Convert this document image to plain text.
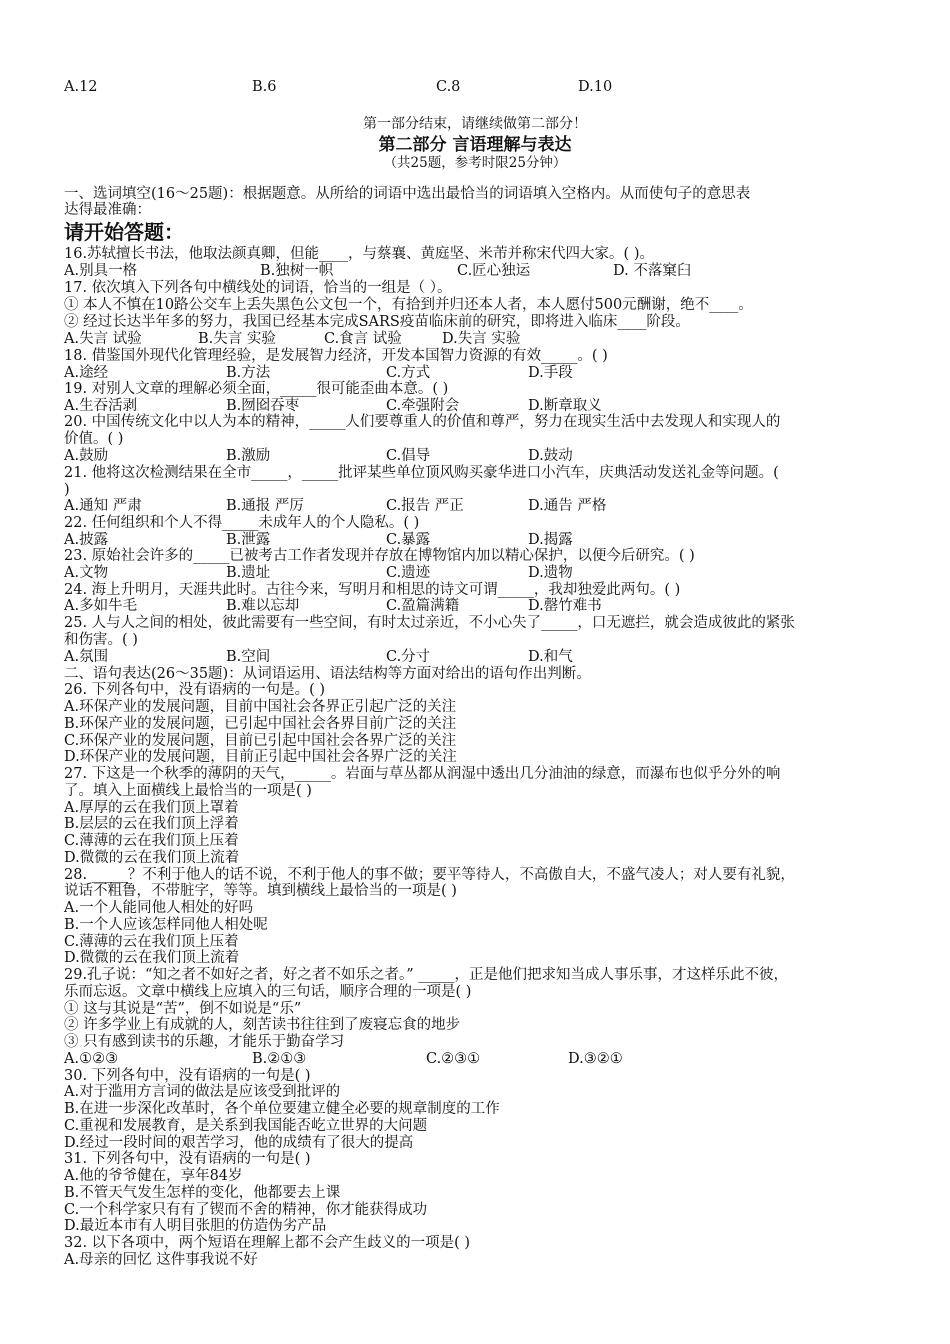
A.12	B.6	C.8	D.10
第一部分结束，请继续做第二部分！
第二部分 言语理解与表达
（共25题，参考时限25分钟）
一、选词填空(16～25题)：根据题意。从所给的词语中选出最恰当的词语填入空格内。从而使句子的意思表
达得最准确：
请开始答题：
16.苏轼擅长书法，他取法颜真卿，但能____，与蔡襄、黄庭坚、米芾并称宋代四大家。( )。
A.别具一格	B.独树一帜	C.匠心独运	D. 不落窠臼
17. 依次填入下列各句中横线处的词语，恰当的一组是（ ）。
① 本人不慎在10路公交车上丢失黑色公文包一个，有拾到并归还本人者，本人愿付500元酬谢，绝不____。
② 经过长达半年多的努力，我国已经基本完成SARS疫苗临床前的研究，即将进入临床____阶段。
A.失言 试验	B.失言 实验	C.食言 试验	D.失言 实验
18. 借鉴国外现代化管理经验，是发展智力经济，开发本国智力资源的有效_____。( )
A.途经	B.方法	C.方式	D.手段
19. 对别人文章的理解必须全面，_____很可能歪曲本意。( )
A.生吞活剥	B.囫囵吞枣	C.牵强附会	D.断章取义
20. 中国传统文化中以人为本的精神，_____人们要尊重人的价值和尊严，努力在现实生活中去发现人和实现人的
价值。( )
A.鼓励	B.激励	C.倡导	D.鼓动
21. 他将这次检测结果在全市_____，_____批评某些单位顶风购买豪华进口小汽车，庆典活动发送礼金等问题。(
)
A.通知 严肃	B.通报 严厉	C.报告 严正	D.通告 严格
22. 任何组织和个人不得_____未成年人的个人隐私。( )
A.披露	B.泄露	C.暴露	D.揭露
23. 原始社会许多的_____已被考古工作者发现并存放在博物馆内加以精心保护，以便今后研究。( )
A.文物	B.遗址	C.遗迹	D.遗物
24. 海上升明月，天涯共此时。古往今来，写明月和相思的诗文可谓_____，我却独爱此两句。( )
A.多如牛毛	B.难以忘却	C.盈篇满籍	D.罄竹难书
25. 人与人之间的相处，彼此需要有一些空间，有时太过亲近，不小心失了_____，口无遮拦，就会造成彼此的紧张
和伤害。( )
A.氛围	B.空间	C.分寸	D.和气
二、语句表达(26～35题)：从词语运用、语法结构等方面对给出的语句作出判断。
26. 下列各句中，没有语病的一句是。( )
A.环保产业的发展问题，目前中国社会各界正引起广泛的关注
B.环保产业的发展问题，已引起中国社会各界目前广泛的关注
C.环保产业的发展问题，目前已引起中国社会各界广泛的关注
D.环保产业的发展问题，目前正引起中国社会各界广泛的关注
27. 下这是一个秋季的薄阴的天气，_____。岩面与草丛都从润湿中透出几分油油的绿意，而瀑布也似乎分外的响
了。填入上面横线上最恰当的一项是( )
A.厚厚的云在我们顶上罩着
B.层层的云在我们顶上浮着
C.薄薄的云在我们顶上压着
D.微微的云在我们顶上流着
28. _____？不利于他人的话不说，不利于他人的事不做；要平等待人，不高傲自大，不盛气凌人；对人要有礼貌，
说话不粗鲁，不带脏字，等等。填到横线上最恰当的一项是( )
A.一个人能同他人相处的好吗
B.一个人应该怎样同他人相处呢
C.薄薄的云在我们顶上压着
D.微微的云在我们顶上流着
29.孔子说：“知之者不如好之者，好之者不如乐之者。” _____，正是他们把求知当成人事乐事，才这样乐此不彼，
乐而忘返。文章中横线上应填入的三句话，顺序合理的一项是( )
① 这与其说是“苦”，倒不如说是“乐”
② 许多学业上有成就的人，刻苦读书往往到了废寝忘食的地步
③ 只有感到读书的乐趣，才能乐于勤奋学习
A.①②③	B.②①③	C.②③①	D.③②①
30. 下列各句中，没有语病的一句是( )
A.对于滥用方言词的做法是应该受到批评的
B.在进一步深化改革时，各个单位要建立健全必要的规章制度的工作
C.重视和发展教育，是关系到我国能否屹立世界的大问题
D.经过一段时间的艰苦学习，他的成绩有了很大的提高
31. 下列各句中，没有语病的一句是( )
A.他的爷爷健在，享年84岁
B.不管天气发生怎样的变化，他都要去上课
C.一个科学家只有有了锲而不舍的精神，你才能获得成功
D.最近本市有人明目张胆的仿造伪劣产品
32. 以下各项中，两个短语在理解上都不会产生歧义的一项是( )
A.母亲的回忆 这件事我说不好
